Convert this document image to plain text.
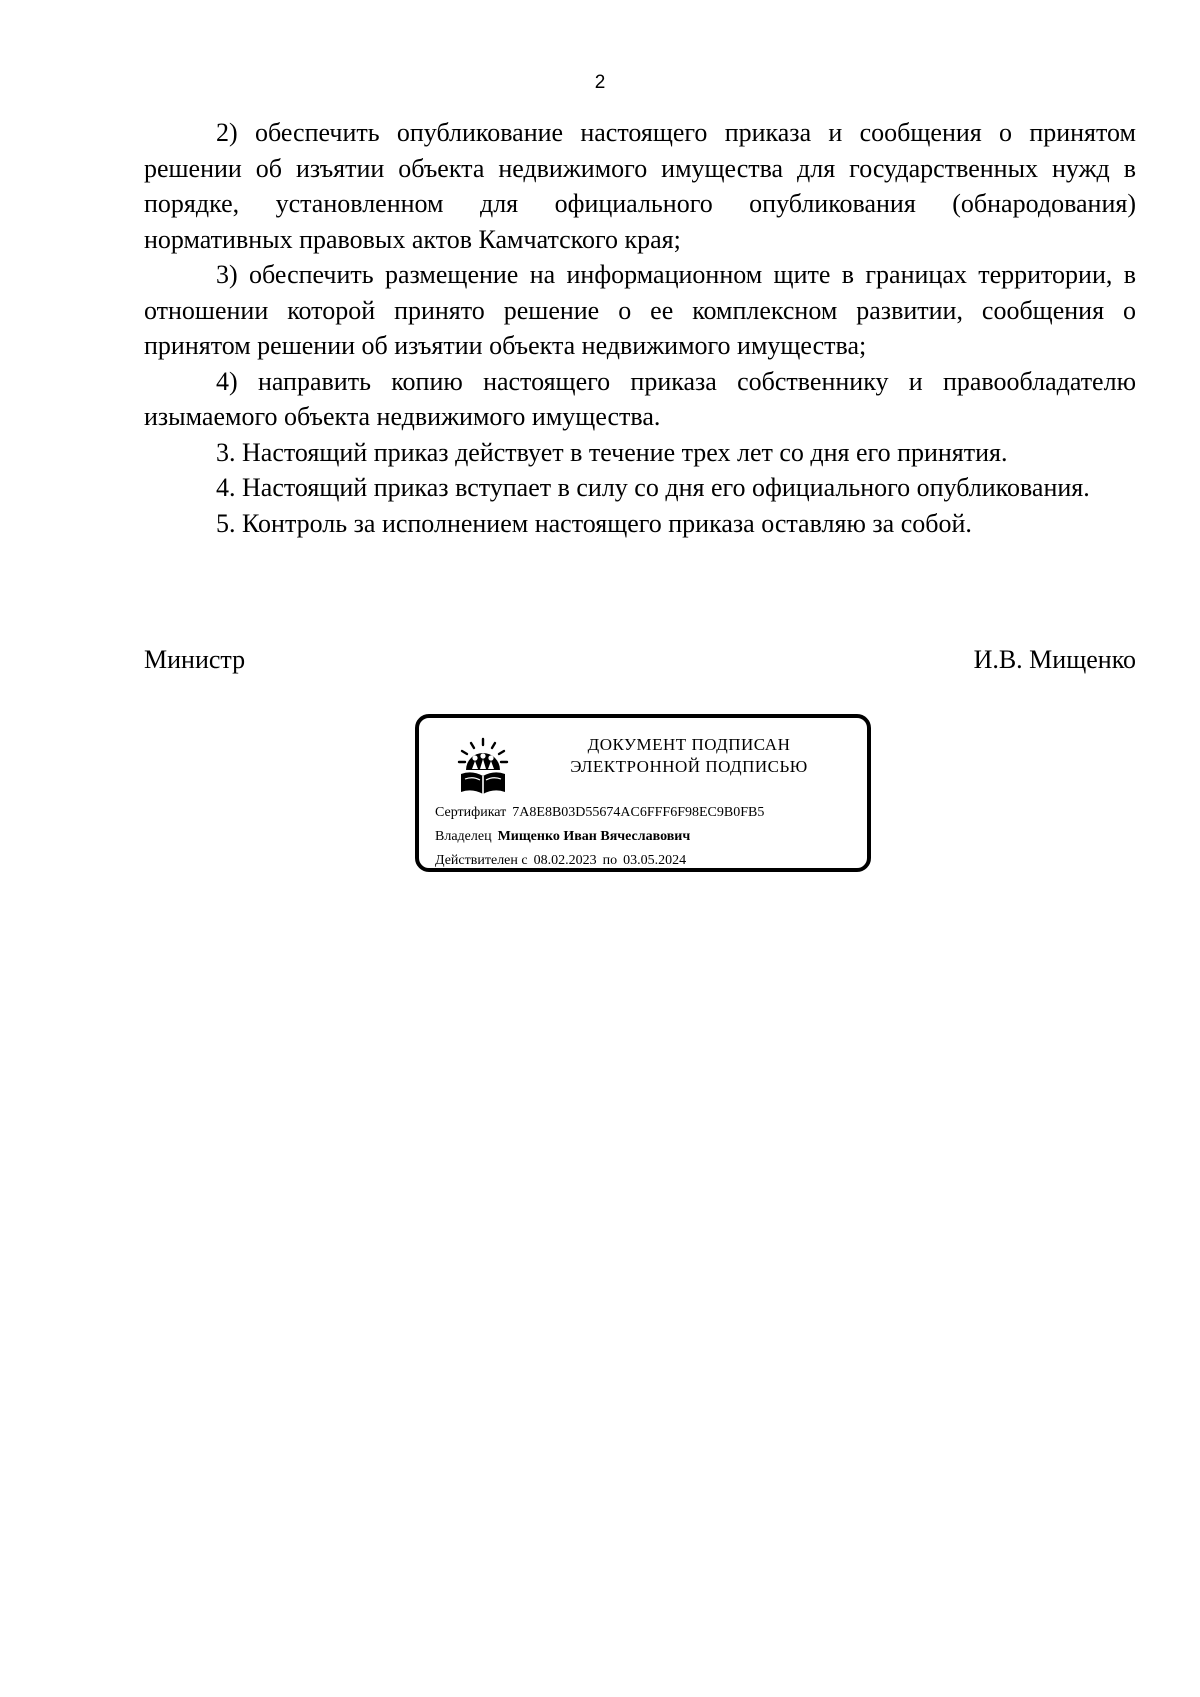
2

2) обеспечить опубликование настоящего приказа и сообщения о принятом решении об изъятии объекта недвижимого имущества для государственных нужд в порядке, установленном для официального опубликования (обнародования) нормативных правовых актов Камчатского края;

3) обеспечить размещение на информационном щите в границах территории, в отношении которой принято решение о ее комплексном развитии, сообщения о принятом решении об изъятии объекта недвижимого имущества;

4) направить копию настоящего приказа собственнику и правообладателю изымаемого объекта недвижимого имущества.

3. Настоящий приказ действует в течение трех лет со дня его принятия.

4. Настоящий приказ вступает в силу со дня его официального опубликования.

5. Контроль за исполнением настоящего приказа оставляю за собой.

Министр	И.В. Мищенко
ДОКУМЕНТ ПОДПИСАН
ЭЛЕКТРОННОЙ ПОДПИСЬЮ
Сертификат 7A8E8B03D55674AC6FFF6F98EC9B0FB5
Владелец Мищенко Иван Вячеславович
Действителен с 08.02.2023 по 03.05.2024
